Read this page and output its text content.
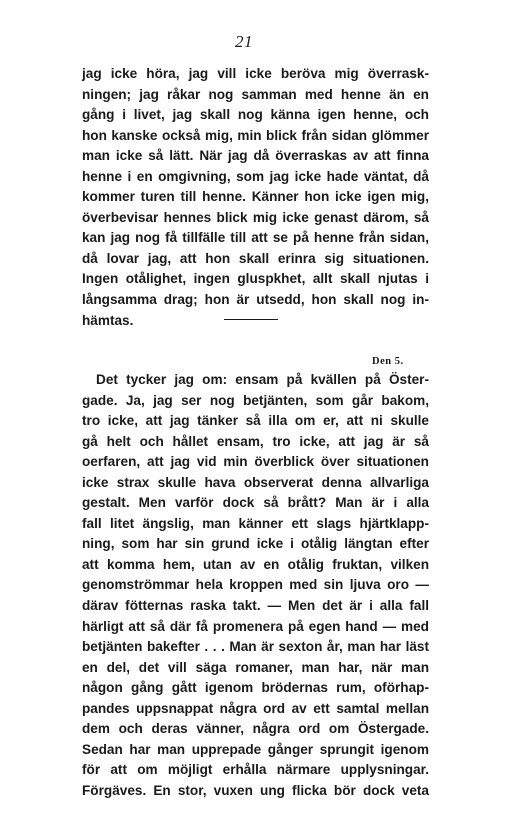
21
jag icke höra, jag vill icke beröva mig överrask-
ningen; jag råkar nog samman med henne än en
gång i livet, jag skall nog känna igen henne, och
hon kanske också mig, min blick från sidan glömmer
man icke så lätt. När jag då överraskas av att finna
henne i en omgivning, som jag icke hade väntat, då
kommer turen till henne. Känner hon icke igen mig,
överbevisar hennes blick mig icke genast därom, så
kan jag nog få tillfälle till att se på henne från sidan,
då lovar jag, att hon skall erinra sig situationen.
Ingen otålighet, ingen gluspkhet, allt skall njutas i
långsamma drag; hon är utsedd, hon skall nog in-
hämtas.
Den 5.
Det tycker jag om: ensam på kvällen på Öster-
gade. Ja, jag ser nog betjänten, som går bakom,
tro icke, att jag tänker så illa om er, att ni skulle
gå helt och hållet ensam, tro icke, att jag är så
oerfaren, att jag vid min överblick över situationen
icke strax skulle hava observerat denna allvarliga
gestalt. Men varför dock så brått? Man är i alla
fall litet ängslig, man känner ett slags hjärtklapp-
ning, som har sin grund icke i otålig längtan efter
att komma hem, utan av en otålig fruktan, vilken
genomströmmar hela kroppen med sin ljuva oro —
därav fötternas raska takt. — Men det är i alla fall
härligt att så där få promenera på egen hand — med
betjänten bakefter . . . Man är sexton år, man har läst
en del, det vill säga romaner, man har, när man
någon gång gått igenom brödernas rum, oförhap-
pandes uppsnappat några ord av ett samtal mellan
dem och deras vänner, några ord om Östergade.
Sedan har man upprepade gånger sprungit igenom
för att om möjligt erhålla närmare upplysningar.
Förgäves. En stor, vuxen ung flicka bör dock veta
